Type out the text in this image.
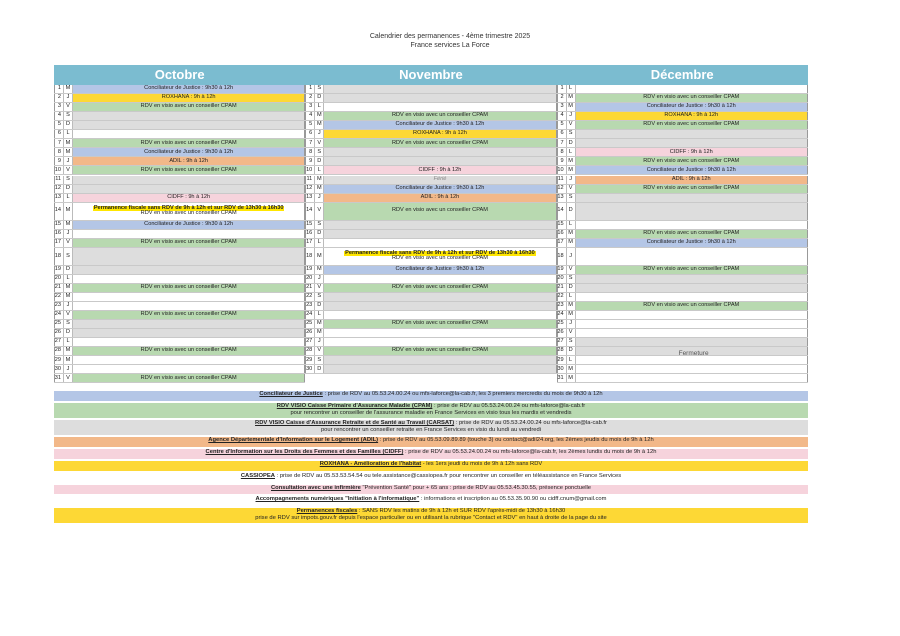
Calendrier des permanences - 4ème trimestre 2025
France services La Force
Octobre
1 M	Conciliateur de Justice : 9h30 à 12h
2 J	ROXHANA : 9h à 12h
3 V	RDV en visio avec un conseiller CPAM
4 S
5 D
6 L
7 M	RDV en visio avec un conseiller CPAM
8 M	Conciliateur de Justice : 9h30 à 12h
9 J	ADIL : 9h à 12h
10 V	RDV en visio avec un conseiller CPAM
11 S
12 D
13 L	CIDFF : 9h à 12h
14 M	Permanence fiscale sans RDV de 9h à 12h et sur RDV de 13h30 à 16h30
RDV en visio avec un conseiller CPAM
15 M	Conciliateur de Justice : 9h30 à 12h
16 J
17 V	RDV en visio avec un conseiller CPAM
18 S
19 D
20 L
21 M	RDV en visio avec un conseiller CPAM
22 M
23 J
24 V	RDV en visio avec un conseiller CPAM
25 S
26 D
27 L
28 M	RDV en visio avec un conseiller CPAM
29 M
30 J
31 V	RDV en visio avec un conseiller CPAM
Novembre
1 S
2 D
3 L
4 M	RDV en visio avec un conseiller CPAM
5 M	Conciliateur de Justice : 9h30 à 12h
6 J	ROXHANA : 9h à 12h
7 V	RDV en visio avec un conseiller CPAM
8 S
9 D
10 L	CIDFF : 9h à 12h
11 M	Férié
12 M	Conciliateur de Justice : 9h30 à 12h
13 J	ADIL : 9h à 12h
14 V	RDV en visio avec un conseiller CPAM
15 S
16 D
17 L
18 M	Permanence fiscale sans RDV de 9h à 12h et sur RDV de 13h30 à 16h30
RDV en visio avec un conseiller CPAM
19 M	Conciliateur de Justice : 9h30 à 12h
20 J
21 V	RDV en visio avec un conseiller CPAM
22 S
23 D
24 L
25 M	RDV en visio avec un conseiller CPAM
26 M
27 J
28 V	RDV en visio avec un conseiller CPAM
29 S
30 D
Décembre
1 L
2 M	RDV en visio avec un conseiller CPAM
3 M	Conciliateur de Justice : 9h30 à 12h
4 J	ROXHANA : 9h à 12h
5 V	RDV en visio avec un conseiller CPAM
6 S
7 D
8 L	CIDFF : 9h à 12h
9 M	RDV en visio avec un conseiller CPAM
10 M	Conciliateur de Justice : 9h30 à 12h
11 J	ADIL : 9h à 12h
12 V	RDV en visio avec un conseiller CPAM
13 S
14 D
15 L
16 M	RDV en visio avec un conseiller CPAM
17 M	Conciliateur de Justice : 9h30 à 12h
18 J
19 V	RDV en visio avec un conseiller CPAM
20 S
21 D
22 L
23 M	RDV en visio avec un conseiller CPAM
24 M
25 J
26 V
27 S
28 D
29 L
30 M
31 M
Fermeture
Conciliateur de Justice : prise de RDV au 05.53.24.00.24 ou mfs-laforce@la-cab.fr, les 3 premiers mercredis du mois de 9h30 à 12h
RDV VISIO Caisse Primaire d'Assurance Maladie (CPAM) : prise de RDV au 05.53.24.00.24 ou mfs-laforce@la-cab.fr
pour rencontrer un conseiller de l'assurance maladie en France Services en visio tous les mardis et vendredis
RDV VISIO Caisse d'Assurance Retraite et de Santé au Travail (CARSAT) : prise de RDV au 05.53.24.00.24 ou mfs-laforce@la-cab.fr
pour rencontrer un conseiller retraite en France Services en visio du lundi au vendredi
Agence Départementale d'Information sur le Logement (ADIL) : prise de RDV au 05.53.09.89.89 (touche 3) ou contact@adil24.org, les 2èmes jeudis du mois de 9h à 12h
Centre d'Information sur les Droits des Femmes et des Familles (CIDFF) : prise de RDV au 05.53.24.00.24 ou mfs-laforce@la-cab.fr, les 2èmes lundis du mois de 9h à 12h
ROXHANA - Amélioration de l'habitat - les 1ers jeudi du mois de 9h à 12h sans RDV
CASSIOPEA : prise de RDV au 05.53.53.54.54 ou tele.assistance@cassiopea.fr pour rencontrer un conseiller en téléassistance en France Services
Consultation avec une infirmière "Prévention Santé" pour + 65 ans : prise de RDV au 05.53.45.30.55, présence ponctuelle
Accompagnements numériques "Initiation à l'informatique" : informations et inscription au 05.53.35.90.90 ou cidff.cnum@gmail.com
Permanences fiscales : SANS RDV les matins de 9h à 12h et SUR RDV l'après-midi de 13h30 à 16h30
prise de RDV sur impots.gouv.fr depuis l'espace particulier ou en utilisant la rubrique "Contact et RDV" en haut à droite de la page du site
